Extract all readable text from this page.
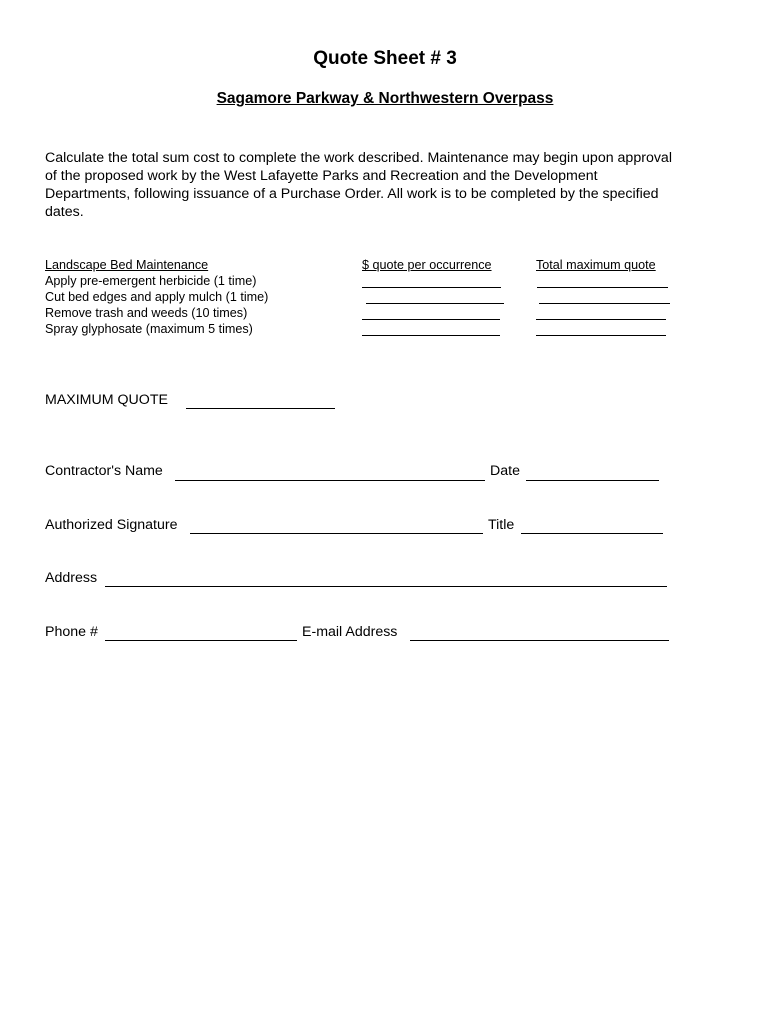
Quote Sheet # 3
Sagamore Parkway & Northwestern Overpass

Calculate the total sum cost to complete the work described. Maintenance may begin upon approval

of the proposed work by the West Lafayette Parks and Recreation and the Development

Departments, following issuance of a Purchase Order. All work is to be completed by the specified

dates.

Landscape Bed Maintenance	$ quote per occurrence	Total maximum quote
Apply pre-emergent herbicide (1 time)
Cut bed edges and apply mulch (1 time)
Remove trash and weeds (10 times)
Spray glyphosate (maximum 5 times)
MAXIMUM QUOTE
Contractor's Name	Date
Authorized Signature	Title
Address
Phone #	E-mail Address
